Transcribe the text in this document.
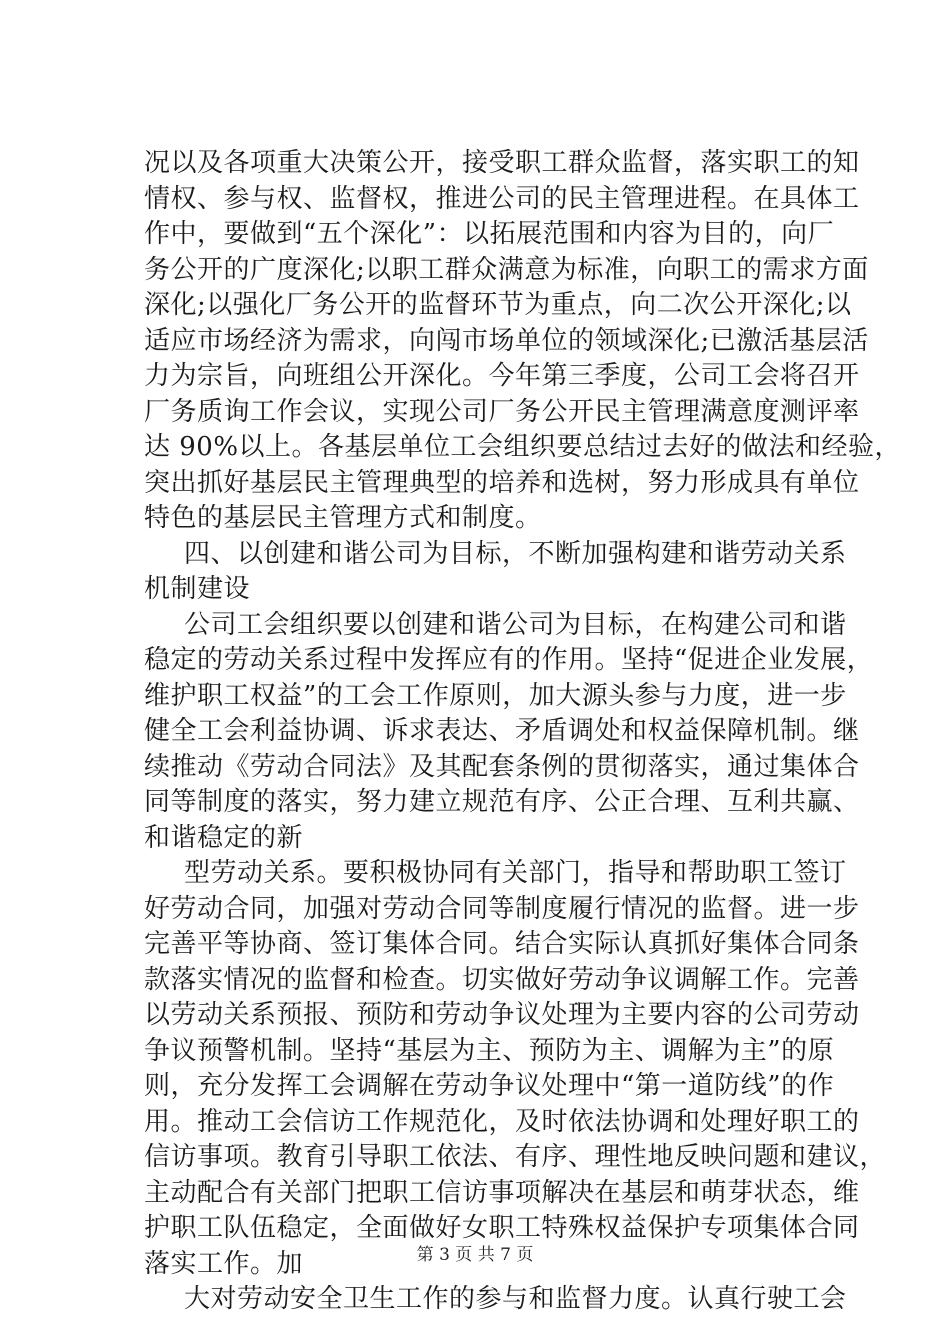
况以及各项重大决策公开，接受职工群众监督，落实职工的知
情权、参与权、监督权，推进公司的民主管理进程。在具体工
作中，要做到“五个深化”：以拓展范围和内容为目的，向厂
务公开的广度深化;以职工群众满意为标准，向职工的需求方面
深化;以强化厂务公开的监督环节为重点，向二次公开深化;以
适应市场经济为需求，向闯市场单位的领域深化;已激活基层活
力为宗旨，向班组公开深化。今年第三季度，公司工会将召开
厂务质询工作会议，实现公司厂务公开民主管理满意度测评率
达 90%以上。各基层单位工会组织要总结过去好的做法和经验，
突出抓好基层民主管理典型的培养和选树，努力形成具有单位
特色的基层民主管理方式和制度。
四、以创建和谐公司为目标，不断加强构建和谐劳动关系
机制建设
公司工会组织要以创建和谐公司为目标，在构建公司和谐
稳定的劳动关系过程中发挥应有的作用。坚持“促进企业发展，
维护职工权益”的工会工作原则，加大源头参与力度，进一步
健全工会利益协调、诉求表达、矛盾调处和权益保障机制。继
续推动《劳动合同法》及其配套条例的贯彻落实，通过集体合
同等制度的落实，努力建立规范有序、公正合理、互利共赢、
和谐稳定的新
型劳动关系。要积极协同有关部门，指导和帮助职工签订
好劳动合同，加强对劳动合同等制度履行情况的监督。进一步
完善平等协商、签订集体合同。结合实际认真抓好集体合同条
款落实情况的监督和检查。切实做好劳动争议调解工作。完善
以劳动关系预报、预防和劳动争议处理为主要内容的公司劳动
争议预警机制。坚持“基层为主、预防为主、调解为主”的原
则，充分发挥工会调解在劳动争议处理中“第一道防线”的作
用。推动工会信访工作规范化，及时依法协调和处理好职工的
信访事项。教育引导职工依法、有序、理性地反映问题和建议，
主动配合有关部门把职工信访事项解决在基层和萌芽状态，维
护职工队伍稳定，全面做好女职工特殊权益保护专项集体合同
落实工作。加
大对劳动安全卫生工作的参与和监督力度。认真行驶工会
第 3 页 共 7 页
